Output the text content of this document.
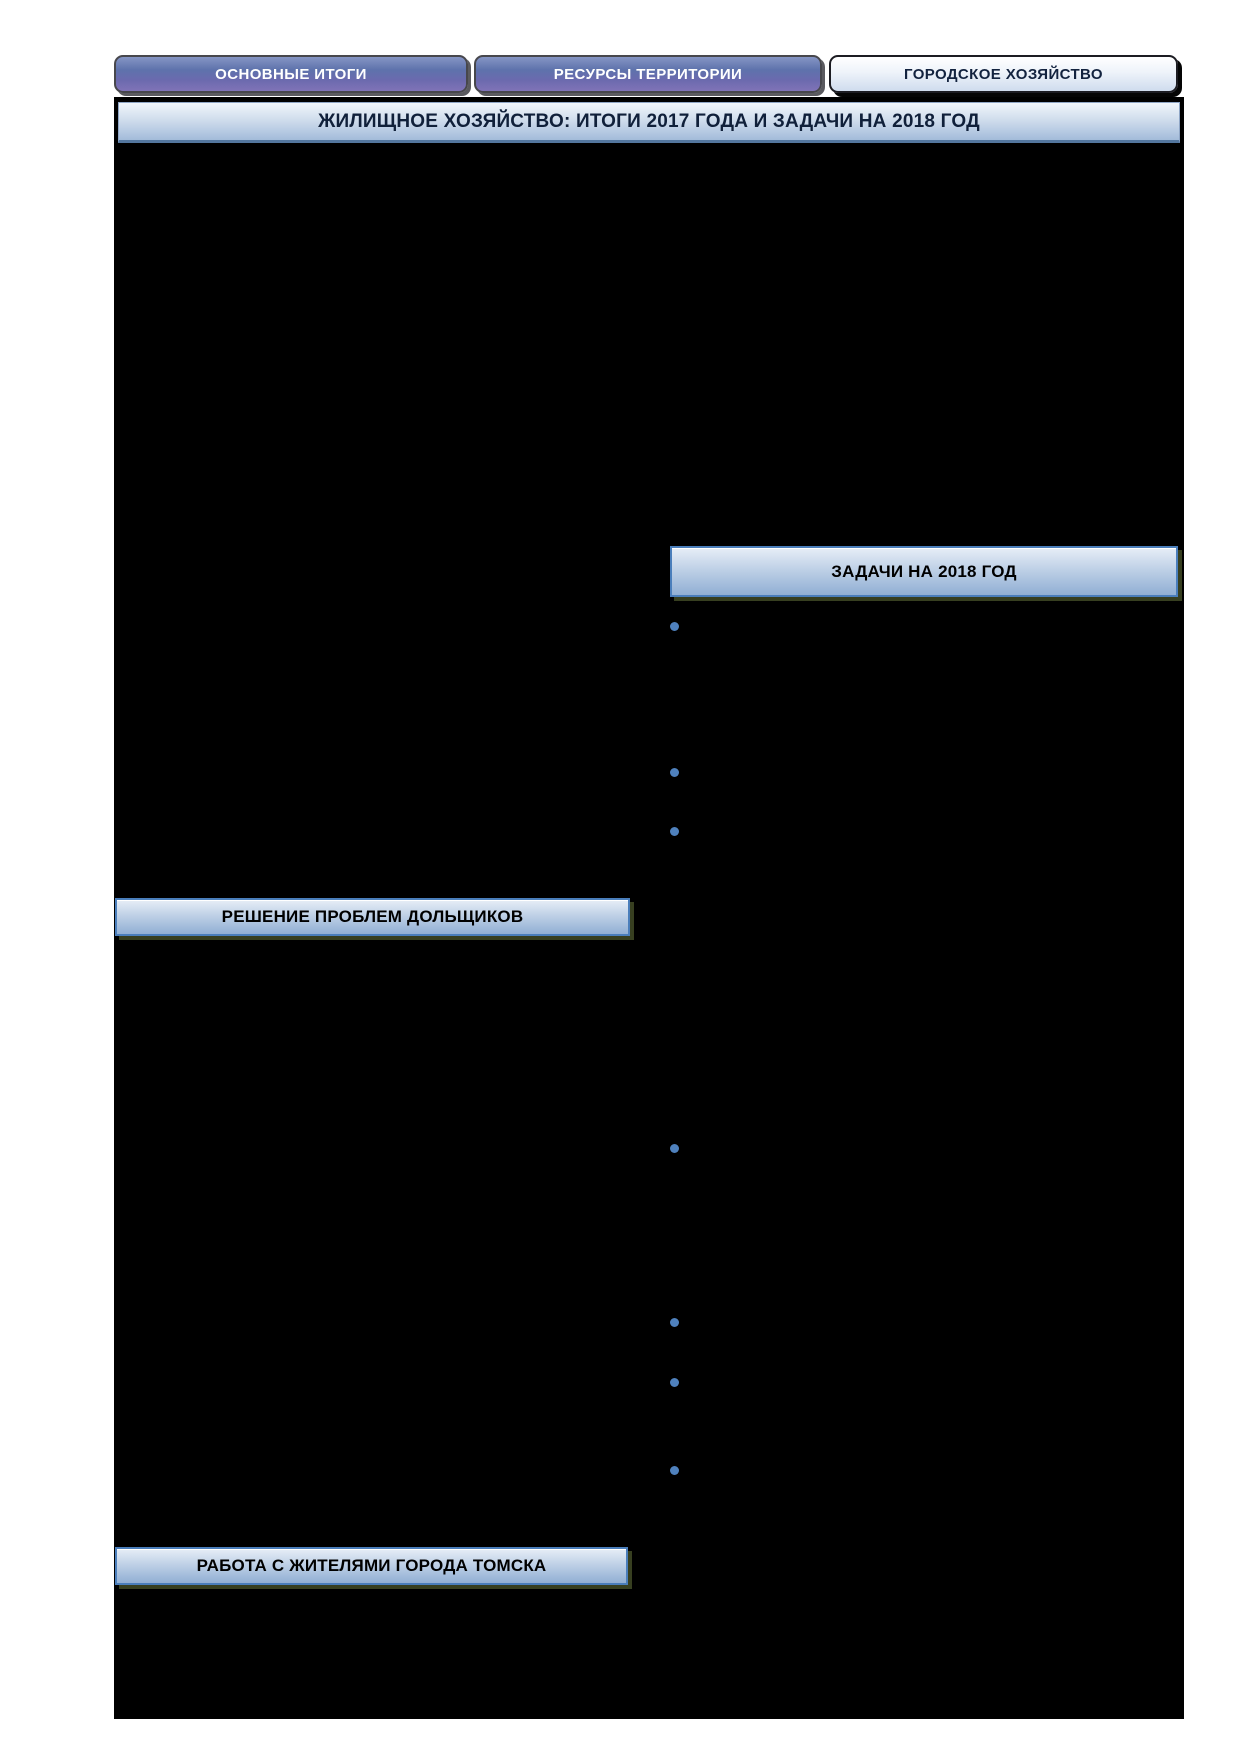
ОСНОВНЫЕ ИТОГИ	РЕСУРСЫ ТЕРРИТОРИИ	ГОРОДСКОЕ ХОЗЯЙСТВО
ЖИЛИЩНОЕ ХОЗЯЙСТВО: ИТОГИ 2017 ГОДА И ЗАДАЧИ НА 2018 ГОД
ЗАДАЧИ НА 2018 ГОД
РЕШЕНИЕ ПРОБЛЕМ ДОЛЬЩИКОВ
РАБОТА С ЖИТЕЛЯМИ ГОРОДА ТОМСКА
